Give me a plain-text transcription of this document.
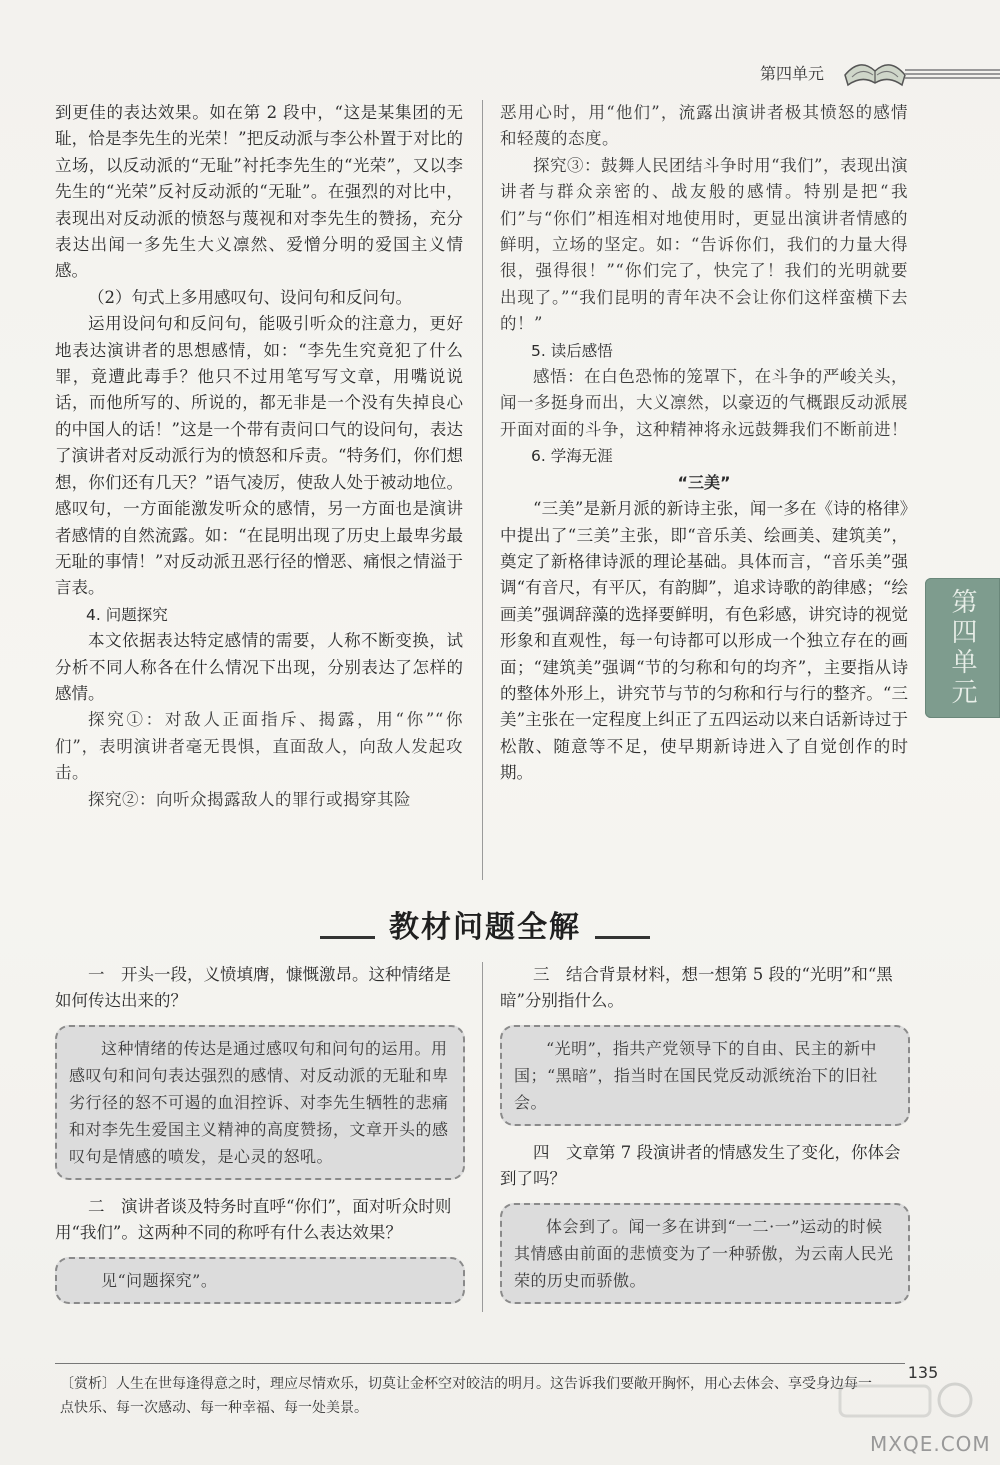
第四单元
第四单元

到更佳的表达效果。如在第 2 段中，“这是某集团的无耻，恰是李先生的光荣！”把反动派与李公朴置于对比的立场，以反动派的“无耻”衬托李先生的“光荣”，又以李先生的“光荣”反衬反动派的“无耻”。在强烈的对比中，表现出对反动派的愤怒与蔑视和对李先生的赞扬，充分表达出闻一多先生大义凛然、爱憎分明的爱国主义情感。

（2）句式上多用感叹句、设问句和反问句。

运用设问句和反问句，能吸引听众的注意力，更好地表达演讲者的思想感情，如：“李先生究竟犯了什么罪，竟遭此毒手？他只不过用笔写写文章，用嘴说说话，而他所写的、所说的，都无非是一个没有失掉良心的中国人的话！”这是一个带有责问口气的设问句，表达了演讲者对反动派行为的愤怒和斥责。“特务们，你们想想，你们还有几天？”语气凌厉，使敌人处于被动地位。感叹句，一方面能激发听众的感情，另一方面也是演讲者感情的自然流露。如：“在昆明出现了历史上最卑劣最无耻的事情！”对反动派丑恶行径的憎恶、痛恨之情溢于言表。

4. 问题探究

本文依据表达特定感情的需要，人称不断变换，试分析不同人称各在什么情况下出现，分别表达了怎样的感情。

探究①：对敌人正面指斥、揭露，用“你”“你们”，表明演讲者毫无畏惧，直面敌人，向敌人发起攻击。

探究②：向听众揭露敌人的罪行或揭穿其险

恶用心时，用“他们”，流露出演讲者极其愤怒的感情和轻蔑的态度。

探究③：鼓舞人民团结斗争时用“我们”，表现出演讲者与群众亲密的、战友般的感情。特别是把“我们”与“你们”相连相对地使用时，更显出演讲者情感的鲜明，立场的坚定。如：“告诉你们，我们的力量大得很，强得很！”“你们完了，快完了！我们的光明就要出现了。”“我们昆明的青年决不会让你们这样蛮横下去的！”

5. 读后感悟

感悟：在白色恐怖的笼罩下，在斗争的严峻关头，闻一多挺身而出，大义凛然，以豪迈的气概跟反动派展开面对面的斗争，这种精神将永远鼓舞我们不断前进！

6. 学海无涯

“三美”

“三美”是新月派的新诗主张，闻一多在《诗的格律》中提出了“三美”主张，即“音乐美、绘画美、建筑美”，奠定了新格律诗派的理论基础。具体而言，“音乐美”强调“有音尺，有平仄，有韵脚”，追求诗歌的韵律感；“绘画美”强调辞藻的选择要鲜明，有色彩感，讲究诗的视觉形象和直观性，每一句诗都可以形成一个独立存在的画面；“建筑美”强调“节的匀称和句的均齐”，主要指从诗的整体外形上，讲究节与节的匀称和行与行的整齐。“三美”主张在一定程度上纠正了五四运动以来白话新诗过于松散、随意等不足，使早期新诗进入了自觉创作的时期。

教材问题全解

一　开头一段，义愤填膺，慷慨激昂。这种情绪是如何传达出来的？

这种情绪的传达是通过感叹句和问句的运用。用感叹句和问句表达强烈的感情、对反动派的无耻和卑劣行径的怒不可遏的血泪控诉、对李先生牺牲的悲痛和对李先生爱国主义精神的高度赞扬，文章开头的感叹句是情感的喷发，是心灵的怒吼。

二　演讲者谈及特务时直呼“你们”，面对听众时则用“我们”。这两种不同的称呼有什么表达效果？

见“问题探究”。

三　结合背景材料，想一想第 5 段的“光明”和“黑暗”分别指什么。

“光明”，指共产党领导下的自由、民主的新中国；“黑暗”，指当时在国民党反动派统治下的旧社会。

四　文章第 7 段演讲者的情感发生了变化，你体会到了吗？

体会到了。闻一多在讲到“一二·一”运动的时候其情感由前面的悲愤变为了一种骄傲，为云南人民光荣的历史而骄傲。

〔赏析〕人生在世每逢得意之时，理应尽情欢乐，切莫让金杯空对皎洁的明月。这告诉我们要敞开胸怀，用心去体会、享受身边每一点快乐、每一次感动、每一种幸福、每一处美景。
135
MXQE.COM
